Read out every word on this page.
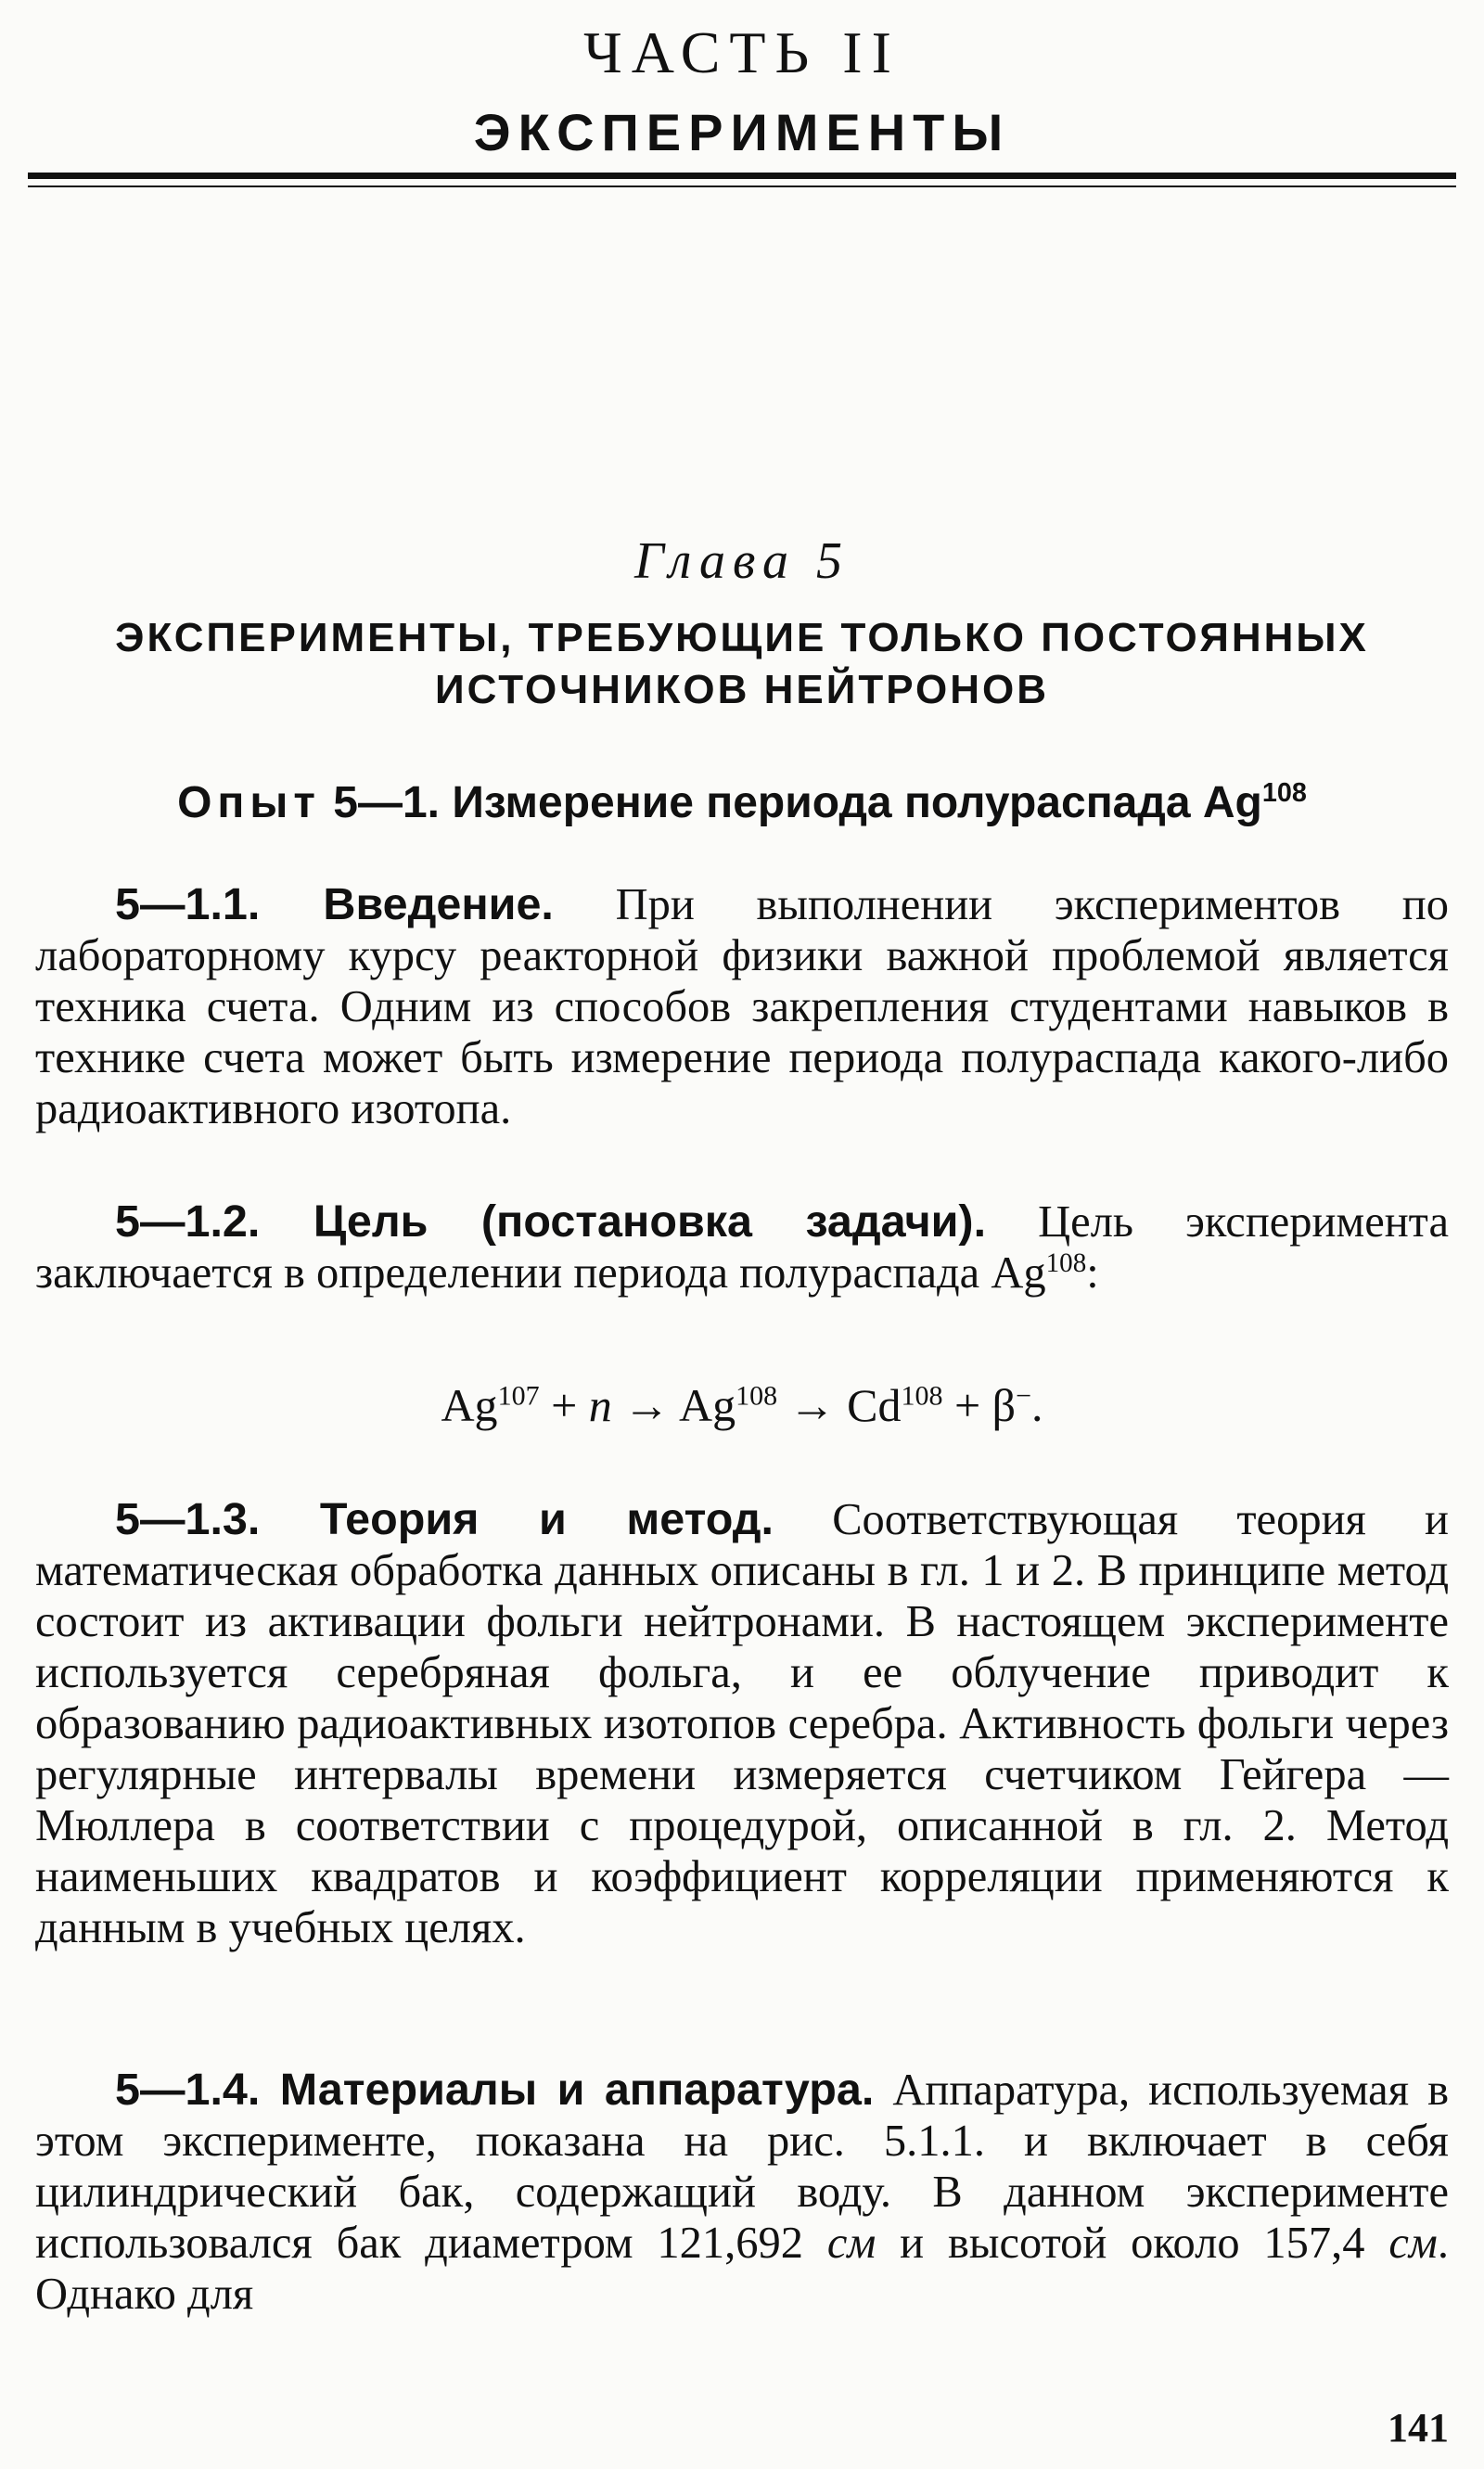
ЧАСТЬ II
ЭКСПЕРИМЕНТЫ
Глава 5
ЭКСПЕРИМЕНТЫ, ТРЕБУЮЩИЕ ТОЛЬКО ПОСТОЯННЫХ
ИСТОЧНИКОВ НЕЙТРОНОВ
Опыт 5—1. Измерение периода полураспада Ag$^{108}$

5—1.1. Введение. При выполнении экспериментов по лабораторному курсу реакторной физики важной проблемой является техника счета. Одним из способов закрепления студентами навыков в технике счета может быть измерение периода полураспада какого-либо радиоактивного изотопа.

5—1.2. Цель (постановка задачи). Цель эксперимента заключается в определении периода полураспада Ag$^{108}$:

$Ag^{107} + n \to Ag^{108} \to Cd^{108} + \beta^-$.

5—1.3. Теория и метод. Соответствующая теория и математическая обработка данных описаны в гл. 1 и 2. В принципе метод состоит из активации фольги нейтронами. В настоящем эксперименте используется серебряная фольга, и ее облучение приводит к образованию радиоактивных изотопов серебра. Активность фольги через регулярные интервалы времени измеряется счетчиком Гейгера — Мюллера в соответствии с процедурой, описанной в гл. 2. Метод наименьших квадратов и коэффициент корреляции применяются к данным в учебных целях.

5—1.4. Материалы и аппаратура. Аппаратура, используемая в этом эксперименте, показана на рис. 5.1.1. и включает в себя цилиндрический бак, содержащий воду. В данном эксперименте использовался бак диаметром 121,692 см и высотой около 157,4 см. Однако для

141
